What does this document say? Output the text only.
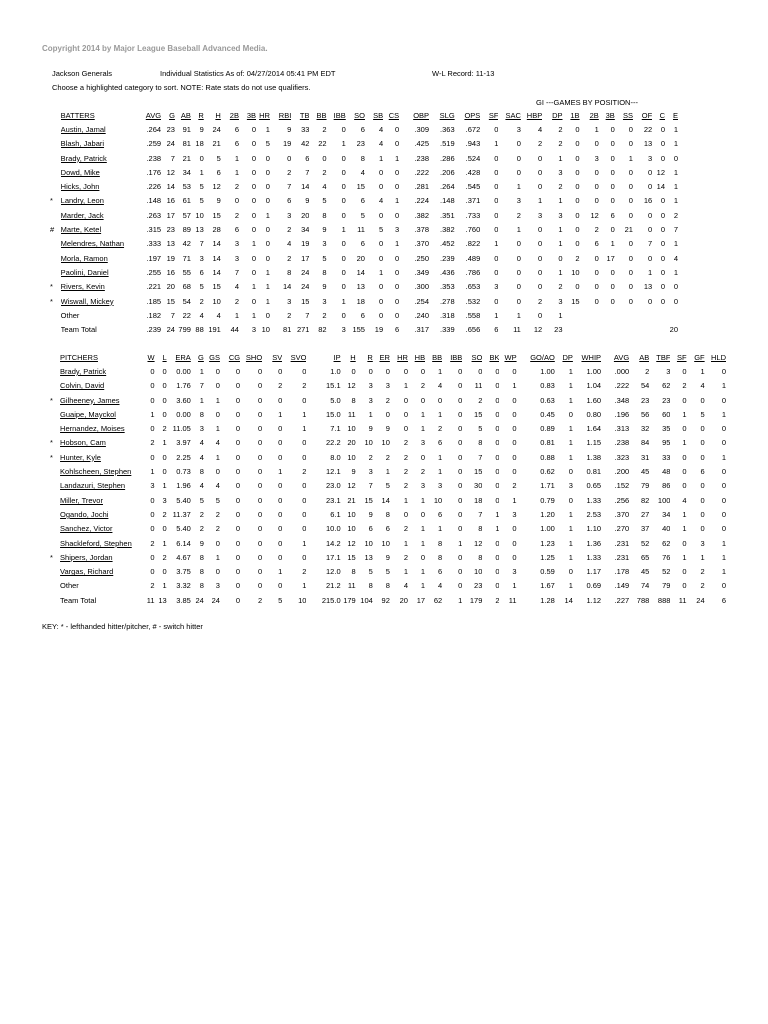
Copyright 2014 by Major League Baseball Advanced Media.
Jackson Generals	Individual Statistics As of: 04/27/2014 05:41 PM EDT	W-L Record: 11-13
Choose a highlighted category to sort. NOTE: Rate stats do not use qualifiers.
GI ---GAMES BY POSITION---
	BATTERS	AVG	G	AB	R	H	2B	3B	HR	RBI	TB	BB	IBB	SO	SB	CS	OBP	SLG	OPS	SF	SAC	HBP	DP	1B	2B	3B	SS	OF	C	E
	Austin, Jamal	.264	23	91	9	24	6	0	1	9	33	2	0	6	4	0	.309	.363	.672	0	3	4	2	0	1	0	0	22	0	1
	Blash, Jabari	.259	24	81	18	21	6	0	5	19	42	22	1	23	4	0	.425	.519	.943	1	0	2	2	0	0	0	0	13	0	1
	Brady, Patrick	.238	7	21	0	5	1	0	0	0	6	0	0	8	1	1	.238	.286	.524	0	0	0	1	0	3	0	1	3	0	0
	Dowd, Mike	.176	12	34	1	6	1	0	0	2	7	2	0	4	0	0	.222	.206	.428	0	0	0	3	0	0	0	0	0	12	1
	Hicks, John	.226	14	53	5	12	2	0	0	7	14	4	0	15	0	0	.281	.264	.545	0	1	0	2	0	0	0	0	0	14	1
*	Landry, Leon	.148	16	61	5	9	0	0	0	6	9	5	0	6	4	1	.224	.148	.371	0	3	1	1	0	0	0	0	16	0	1
	Marder, Jack	.263	17	57	10	15	2	0	1	3	20	8	0	5	0	0	.382	.351	.733	0	2	3	3	0	12	6	0	0	0	2
#	Marte, Ketel	.315	23	89	13	28	6	0	0	2	34	9	1	11	5	3	.378	.382	.760	0	1	0	1	0	2	0	21	0	0	7
	Melendres, Nathan	.333	13	42	7	14	3	1	0	4	19	3	0	6	0	1	.370	.452	.822	1	0	0	1	0	6	1	0	7	0	1
	Morla, Ramon	.197	19	71	3	14	3	0	0	2	17	5	0	20	0	0	.250	.239	.489	0	0	0	0	2	0	17	0	0	0	4
	Paolini, Daniel	.255	16	55	6	14	7	0	1	8	24	8	0	14	1	0	.349	.436	.786	0	0	0	1	10	0	0	0	1	0	1
*	Rivers, Kevin	.221	20	68	5	15	4	1	1	14	24	9	0	13	0	0	.300	.353	.653	3	0	0	2	0	0	0	0	13	0	0
*	Wiswall, Mickey	.185	15	54	2	10	2	0	1	3	15	3	1	18	0	0	.254	.278	.532	0	0	2	3	15	0	0	0	0	0	0
	Other	.182	7	22	4	4	1	1	0	2	7	2	0	6	0	0	.240	.318	.558	1	1	0	1							
	Team Total	.239	24	799	88	191	44	3	10	81	271	82	3	155	19	6	.317	.339	.656	6	11	12	23							20
	PITCHERS	W	L	ERA	G	GS	CG	SHO	SV	SVO	IP	H	R	ER	HR	HB	BB	IBB	SO	BK	WP	GO/AO	DP	WHIP	AVG	AB	TBF	SF	GF	HLD
	Brady, Patrick	0	0	0.00	1	0	0	0	0	0	1.0	0	0	0	0	0	1	0	0	0	0	1.00	1	1.00	.000	2	3	0	1	0
	Colvin, David	0	0	1.76	7	0	0	0	2	2	15.1	12	3	3	1	2	4	0	11	0	1	0.83	1	1.04	.222	54	62	2	4	1
*	Gilheeney, James	0	0	3.60	1	1	0	0	0	0	5.0	8	3	2	0	0	0	0	2	0	0	0.63	1	1.60	.348	23	23	0	0	0
	Guaipe, Mayckol	1	0	0.00	8	0	0	0	1	1	15.0	11	1	0	0	1	1	0	15	0	0	0.45	0	0.80	.196	56	60	1	5	1
	Hernandez, Moises	0	2	11.05	3	1	0	0	0	1	7.1	10	9	9	0	1	2	0	5	0	0	0.89	1	1.64	.313	32	35	0	0	0
*	Hobson, Cam	2	1	3.97	4	4	0	0	0	0	22.2	20	10	10	2	3	6	0	8	0	0	0.81	1	1.15	.238	84	95	1	0	0
*	Hunter, Kyle	0	0	2.25	4	1	0	0	0	0	8.0	10	2	2	2	0	1	0	7	0	0	0.88	1	1.38	.323	31	33	0	0	1
	Kohlscheen, Stephen	1	0	0.73	8	0	0	0	1	2	12.1	9	3	1	2	2	1	0	15	0	0	0.62	0	0.81	.200	45	48	0	6	0
	Landazuri, Stephen	3	1	1.96	4	4	0	0	0	0	23.0	12	7	5	2	3	3	0	30	0	2	1.71	3	0.65	.152	79	86	0	0	0
	Miller, Trevor	0	3	5.40	5	5	0	0	0	0	23.1	21	15	14	1	1	10	0	18	0	1	0.79	0	1.33	.256	82	100	4	0	0
	Ogando, Jochi	0	2	11.37	2	2	0	0	0	0	6.1	10	9	8	0	0	6	0	7	1	3	1.20	1	2.53	.370	27	34	1	0	0
	Sanchez, Victor	0	0	5.40	2	2	0	0	0	0	10.0	10	6	6	2	1	1	0	8	1	0	1.00	1	1.10	.270	37	40	1	0	0
	Shackleford, Stephen	2	1	6.14	9	0	0	0	0	1	14.2	12	10	10	1	1	8	1	12	0	0	1.23	1	1.36	.231	52	62	0	3	1
*	Shipers, Jordan	0	2	4.67	8	1	0	0	0	0	17.1	15	13	9	2	0	8	0	8	0	0	1.25	1	1.33	.231	65	76	1	1	1
	Vargas, Richard	0	0	3.75	8	0	0	0	1	2	12.0	8	5	5	1	1	6	0	10	0	3	0.59	0	1.17	.178	45	52	0	2	1
	Other	2	1	3.32	8	3	0	0	0	1	21.2	11	8	8	4	1	4	0	23	0	1	1.67	1	0.69	.149	74	79	0	2	0
	Team Total	11	13	3.85	24	24	0	2	5	10	215.0	179	104	92	20	17	62	1	179	2	11	1.28	14	1.12	.227	788	888	11	24	6
KEY: * - lefthanded hitter/pitcher, # - switch hitter
